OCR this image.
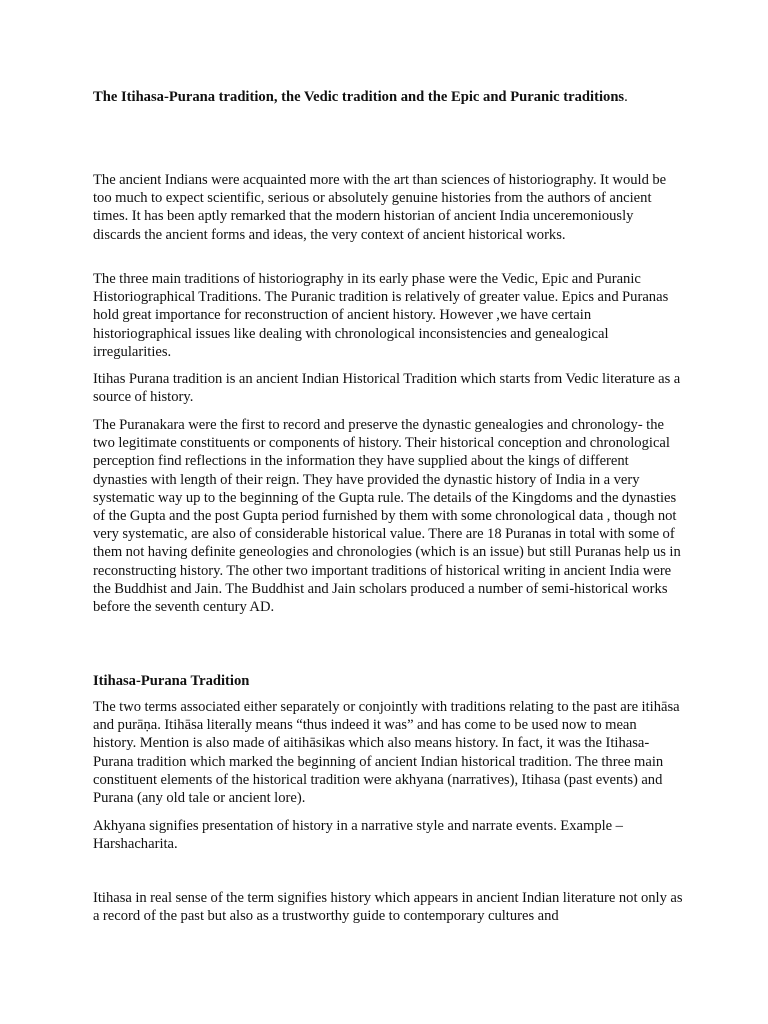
The Itihasa-Purana tradition, the Vedic tradition and the Epic and Puranic traditions.

The ancient Indians were acquainted more with the art than sciences of historiography. It would be too much to expect scientific, serious or absolutely genuine histories from the authors of ancient times. It has been aptly remarked that the modern historian of ancient India unceremoniously discards the ancient forms and ideas, the very context of ancient historical works.

The three main traditions of historiography in its early phase were the Vedic, Epic and Puranic Historiographical Traditions. The Puranic tradition is relatively of greater value. Epics and Puranas hold great importance for reconstruction of ancient history. However ,we have certain historiographical issues like dealing with chronological inconsistencies and genealogical irregularities.

Itihas Purana tradition is an ancient Indian Historical Tradition which starts from Vedic literature as a source of history.

The Puranakara were the first to record and preserve the dynastic genealogies and chronology- the two legitimate constituents or components of history. Their historical conception and chronological perception find reflections in the information they have supplied about the kings of different dynasties with length of their reign. They have provided the dynastic history of India in a very systematic way up to the beginning of the Gupta rule. The details of the Kingdoms and the dynasties of the Gupta and the post Gupta period furnished by them with some chronological data , though not very systematic, are also of considerable historical value. There are 18 Puranas in total with some of them not having definite geneologies and chronologies (which is an issue) but still Puranas help us in reconstructing history. The other two important traditions of historical writing in ancient India were the Buddhist and Jain. The Buddhist and Jain scholars produced a number of semi-historical works before the seventh century AD.

Itihasa-Purana Tradition

The two terms associated either separately or conjointly with traditions relating to the past are itihāsa and purāṇa. Itihāsa literally means “thus indeed it was” and has come to be used now to mean history. Mention is also made of aitihāsikas which also means history. In fact, it was the Itihasa-Purana tradition which marked the beginning of ancient Indian historical tradition. The three main constituent elements of the historical tradition were akhyana (narratives), Itihasa (past events) and Purana (any old tale or ancient lore).

Akhyana signifies presentation of history in a narrative style and narrate events. Example – Harshacharita.

Itihasa in real sense of the term signifies history which appears in ancient Indian literature not only as a record of the past but also as a trustworthy guide to contemporary cultures and
